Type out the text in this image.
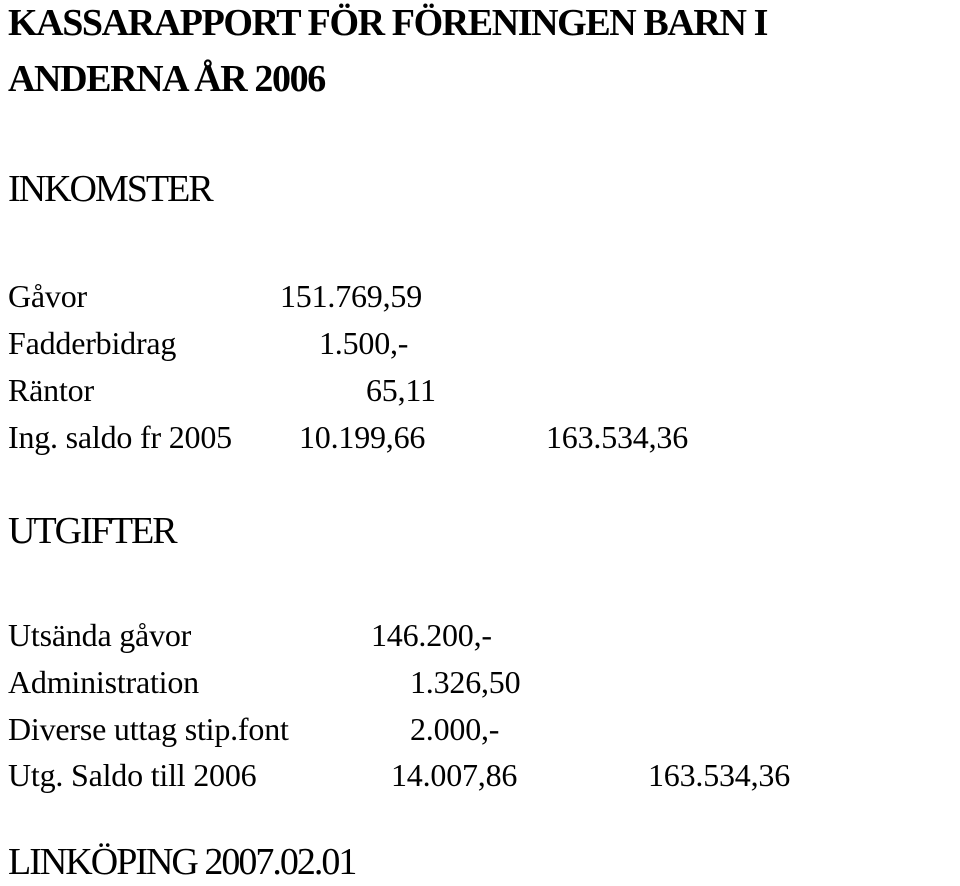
KASSARAPPORT FÖR FÖRENINGEN BARN I
ANDERNA ÅR 2006
INKOMSTER
Gåvor	151.769,59
Fadderbidrag	1.500,-
Räntor	65,11
Ing. saldo fr 2005 10.199,66	163.534,36
UTGIFTER
Utsända gåvor	146.200,-
Administration	1.326,50
Diverse uttag stip.font	2.000,-
Utg. Saldo till 2006	14.007,86	163.534,36
LINKÖPING 2007.02.01
